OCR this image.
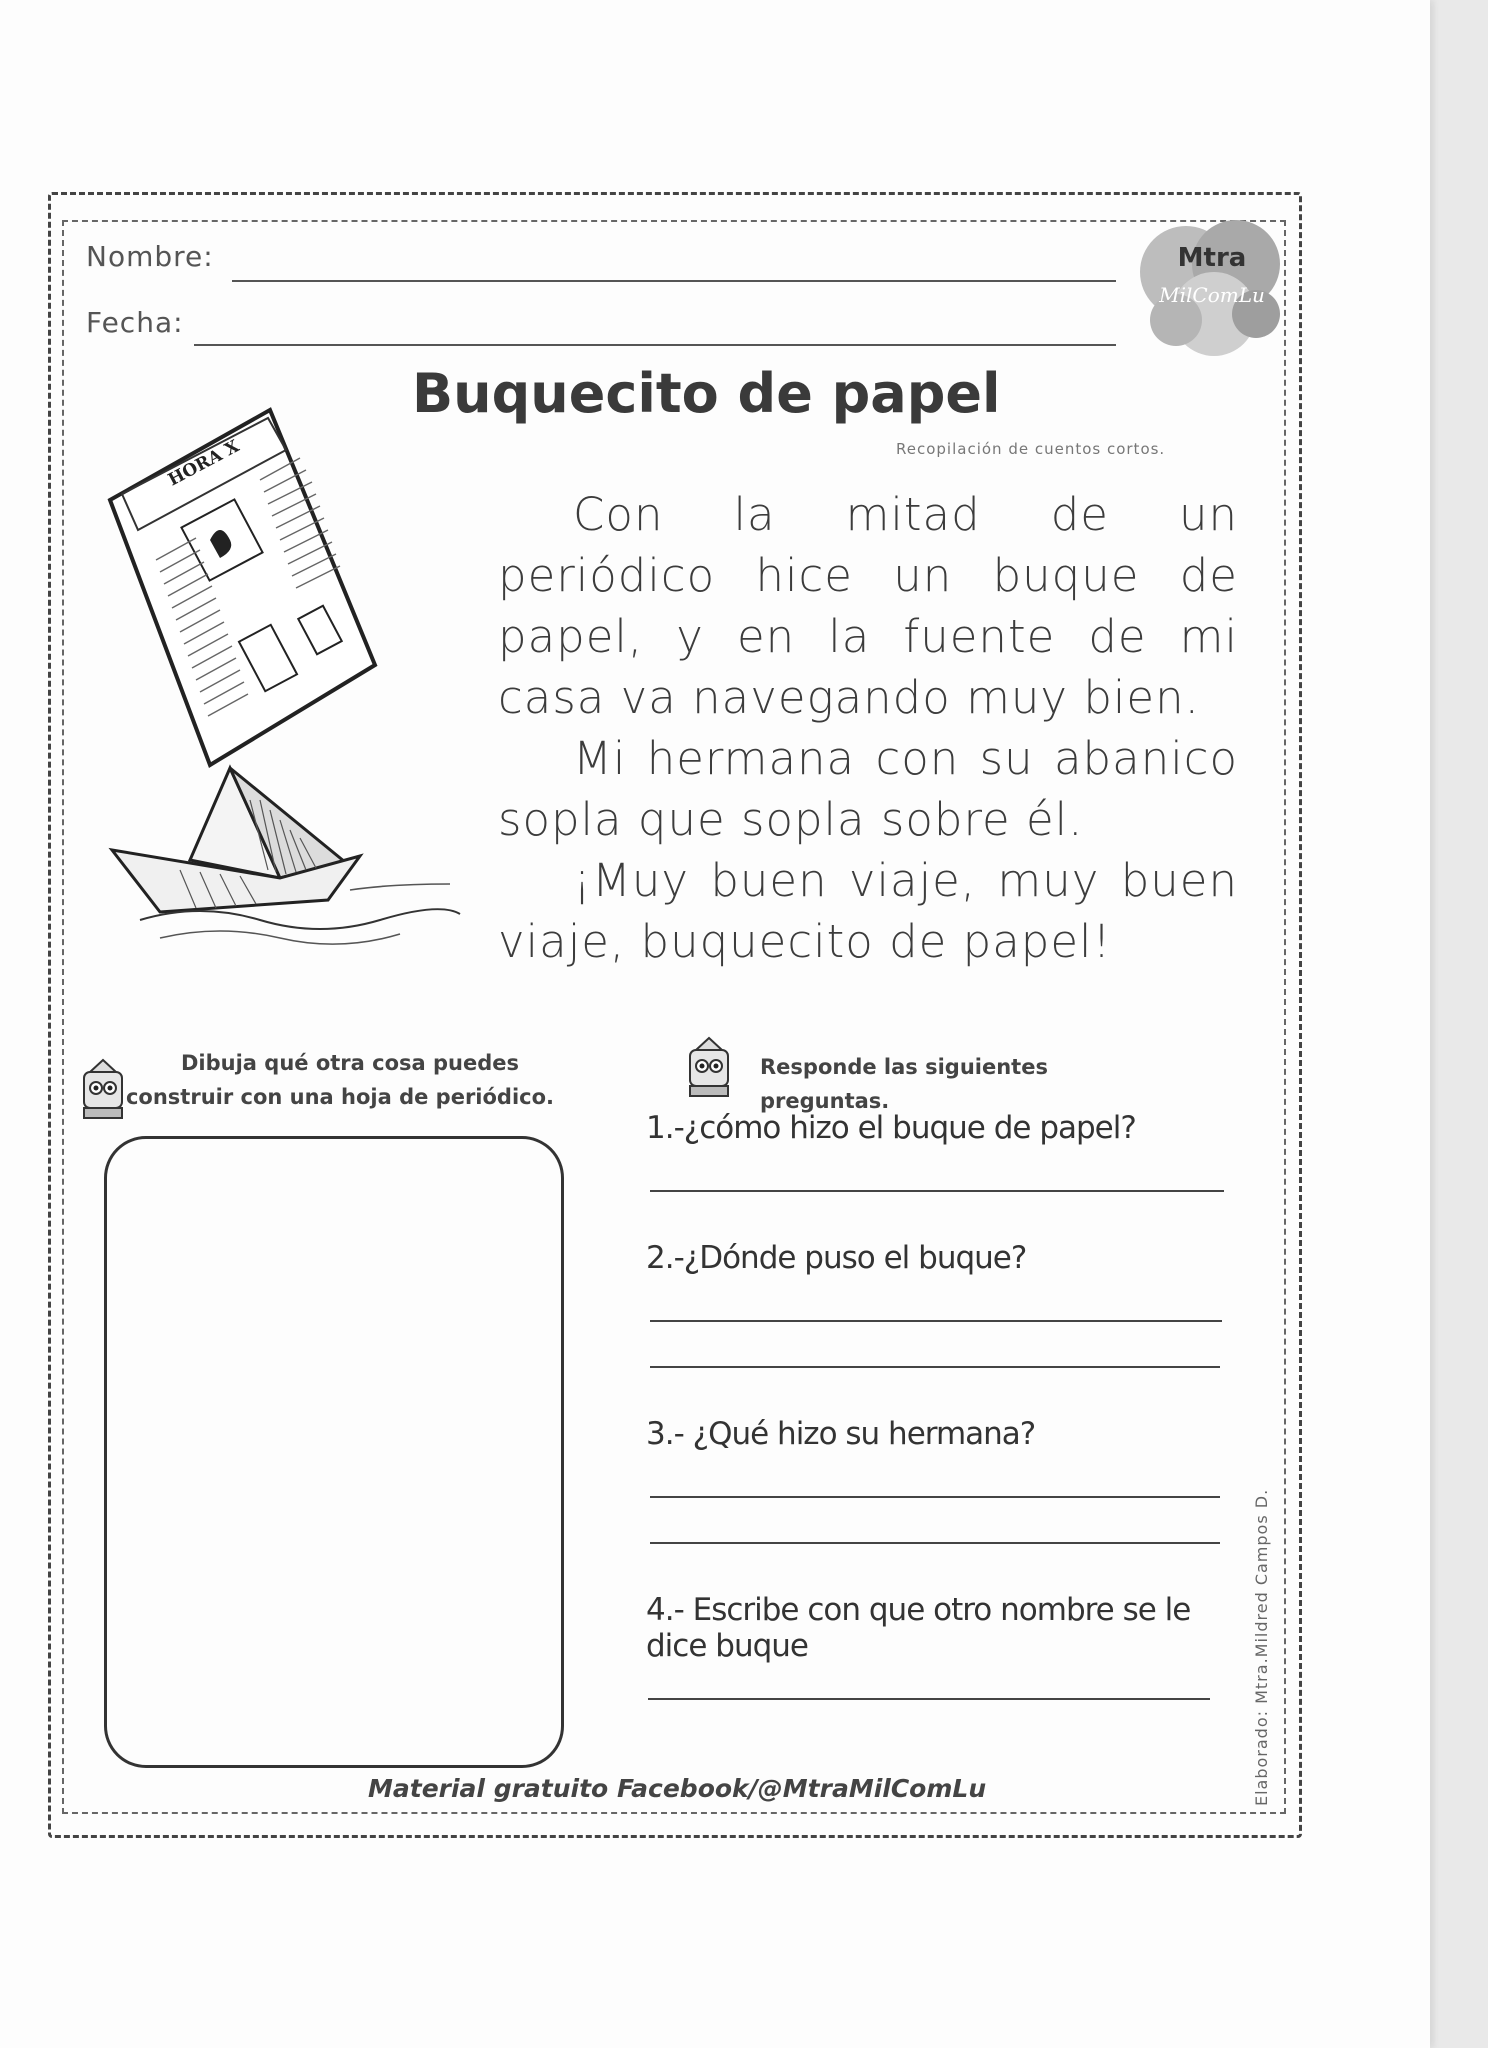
Nombre:
Fecha:
Mtra
MilComLu
Buquecito de papel
Recopilación de cuentos cortos.
HORA X

Con la mitad de un periódico hice un buque de papel, y en la fuente de mi casa va navegando muy bien.

Mi hermana con su abanico sopla que sopla sobre él.

¡Muy buen viaje, muy buen viaje, buquecito de papel!

Dibuja qué otra cosa puedes
construir con una hoja de periódico.
Responde las siguientes preguntas.
1.-¿cómo hizo el buque de papel?
2.-¿Dónde puso el buque?
3.- ¿Qué hizo su hermana?
4.- Escribe con que otro nombre se le dice buque
Material gratuito Facebook/@MtraMilComLu	Elaborado: Mtra.Mildred Campos D.
